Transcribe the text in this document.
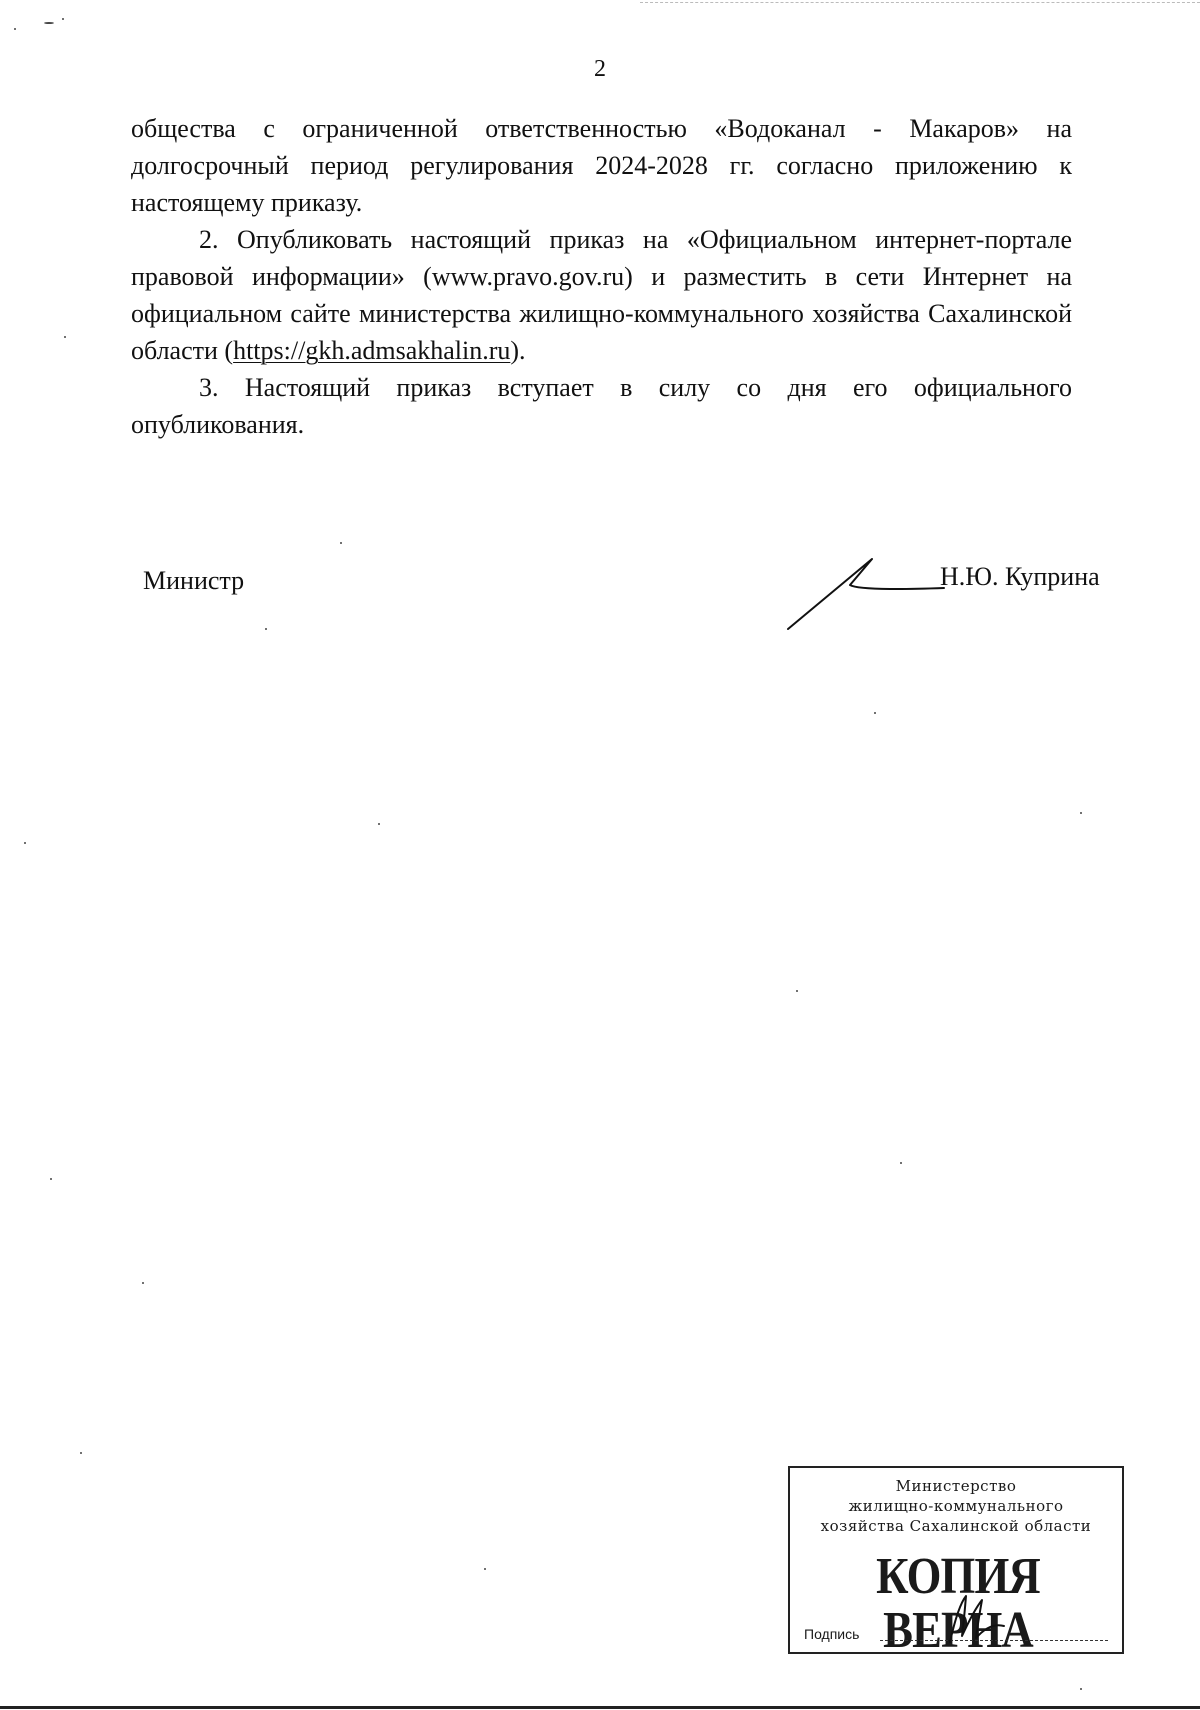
2

общества с ограниченной ответственностью «Водоканал - Макаров» на долгосрочный период регулирования 2024-2028 гг. согласно приложению к настоящему приказу.

2. Опубликовать настоящий приказ на «Официальном интернет-портале правовой информации» (www.pravo.gov.ru) и разместить в сети Интернет на официальном сайте министерства жилищно-коммунального хозяйства Сахалинской области (https://gkh.admsakhalin.ru).

3. Настоящий приказ вступает в силу со дня его официального опубликования.

Министр	Н.Ю. Куприна
Министерство
жилищно-коммунального
хозяйства Сахалинской области
КОПИЯ ВЕРНА
Подпись
